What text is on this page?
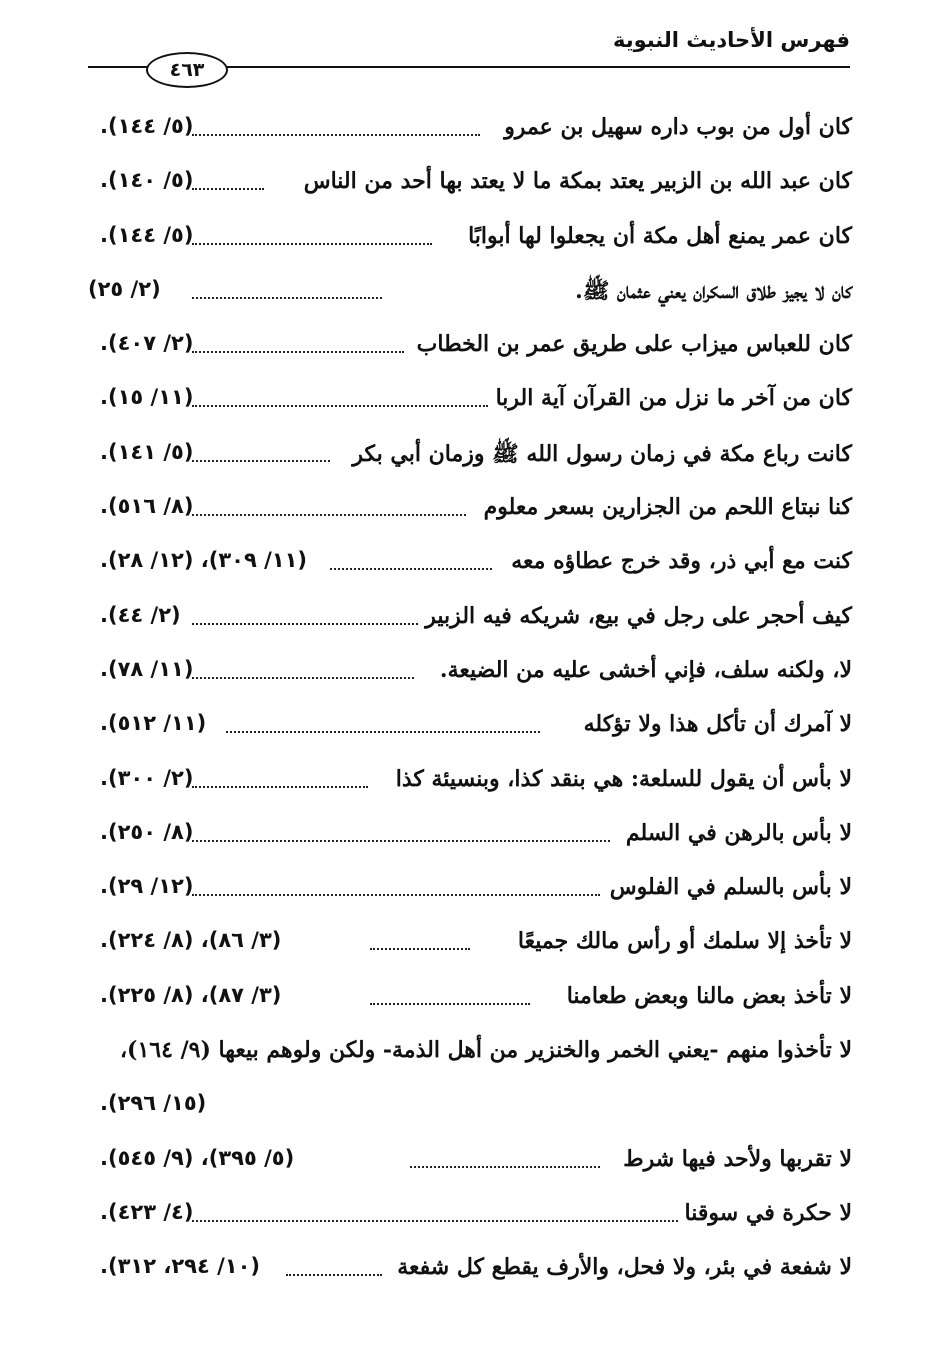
فهرس الأحاديث النبوية
٤٦٣
كان أول من بوب داره سهيل بن عمرو
(٥/ ١٤٤).
كان عبد الله بن الزبير يعتد بمكة ما لا يعتد بها أحد من الناس
(٥/ ١٤٠).
كان عمر يمنع أهل مكة أن يجعلوا لها أبوابًا
(٥/ ١٤٤).
كان لا يجيز طلاق السكران يعني عثمان ﷺ.
(٢/ ٢٥)
كان للعباس ميزاب على طريق عمر بن الخطاب
(٢/ ٤٠٧).
كان من آخر ما نزل من القرآن آية الربا
(١١/ ١٥).
كانت رباع مكة في زمان رسول الله ﷺ وزمان أبي بكر
(٥/ ١٤١).
كنا نبتاع اللحم من الجزارين بسعر معلوم
(٨/ ٥١٦).
كنت مع أبي ذر، وقد خرج عطاؤه معه
(١١/ ٣٠٩)، (١٢/ ٢٨).
كيف أحجر على رجل في بيع، شريكه فيه الزبير
(٢/ ٤٤).
لا، ولكنه سلف، فإني أخشى عليه من الضيعة.
(١١/ ٧٨).
لا آمرك أن تأكل هذا ولا تؤكله
(١١/ ٥١٢).
لا بأس أن يقول للسلعة: هي بنقد كذا، وبنسيئة كذا
(٢/ ٣٠٠).
لا بأس بالرهن في السلم
(٨/ ٢٥٠).
لا بأس بالسلم في الفلوس
(١٢/ ٢٩).
لا تأخذ إلا سلمك أو رأس مالك جميعًا
(٣/ ٨٦)، (٨/ ٢٢٤).
لا تأخذ بعض مالنا وبعض طعامنا
(٣/ ٨٧)، (٨/ ٢٢٥).
لا تأخذوا منهم -يعني الخمر والخنزير من أهل الذمة- ولكن ولوهم بيعها (٩/ ١٦٤)،
(١٥/ ٢٩٦).
لا تقربها ولأحد فيها شرط
(٥/ ٣٩٥)، (٩/ ٥٤٥).
لا حكرة في سوقنا
(٤/ ٤٢٣).
لا شفعة في بئر، ولا فحل، والأرف يقطع كل شفعة
(١٠/ ٢٩٤، ٣١٢).
